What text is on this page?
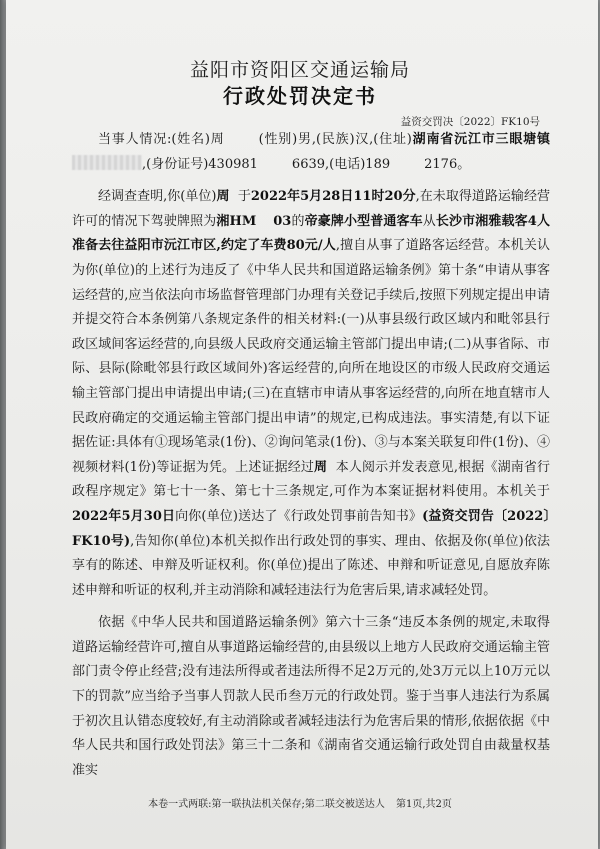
益阳市资阳区交通运输局
行政处罚决定书
益资交罚决〔2022〕FK10号

当事人情况:(姓名)周	(性别)男,(民族)汉,(住址)湖南省沅江市三眼塘镇,(身份证号)430981	6639,(电话)189	2176。

经调查查明,你(单位)周 于2022年5月28日11时20分,在未取得道路运输经营许可的情况下驾驶牌照为湘HM 03的帝豪牌小型普通客车从长沙市湘雅载客4人准备去往益阳市沅江市区,约定了车费80元/人,擅自从事了道路客运经营。本机关认为你(单位)的上述行为违反了《中华人民共和国道路运输条例》第十条“申请从事客运经营的,应当依法向市场监督管理部门办理有关登记手续后,按照下列规定提出申请并提交符合本条例第八条规定条件的相关材料:(一)从事县级行政区域内和毗邻县行政区域间客运经营的,向县级人民政府交通运输主管部门提出申请;(二)从事省际、市际、县际(除毗邻县行政区域间外)客运经营的,向所在地设区的市级人民政府交通运输主管部门提出申请提出申请;(三)在直辖市申请从事客运经营的,向所在地直辖市人民政府确定的交通运输主管部门提出申请”的规定,已构成违法。事实清楚,有以下证据佐证:具体有①现场笔录(1份)、②询问笔录(1份)、③与本案关联复印件(1份)、④视频材料(1份)等证据为凭。上述证据经过周 本人阅示并发表意见,根据《湖南省行政程序规定》第七十一条、第七十三条规定,可作为本案证据材料使用。本机关于2022年5月30日向你(单位)送达了《行政处罚事前告知书》(益资交罚告〔2022〕FK10号),告知你(单位)本机关拟作出行政处罚的事实、理由、依据及你(单位)依法享有的陈述、申辩及听证权利。你(单位)提出了陈述、申辩和听证意见,自愿放弃陈述申辩和听证的权利,并主动消除和减轻违法行为危害后果,请求减轻处罚。

依据《中华人民共和国道路运输条例》第六十三条“违反本条例的规定,未取得道路运输经营许可,擅自从事道路运输经营的,由县级以上地方人民政府交通运输主管部门责令停止经营;没有违法所得或者违法所得不足2万元的,处3万元以上10万元以下的罚款”应当给予当事人罚款人民币叁万元的行政处罚。鉴于当事人违法行为系属于初次且认错态度较好,有主动消除或者减轻违法行为危害后果的情形,依据依据《中华人民共和国行政处罚法》第三十二条和《湖南省交通运输行政处罚自由裁量权基准实

本卷一式两联:第一联执法机关保存;第二联交被送达人 第1页,共2页
